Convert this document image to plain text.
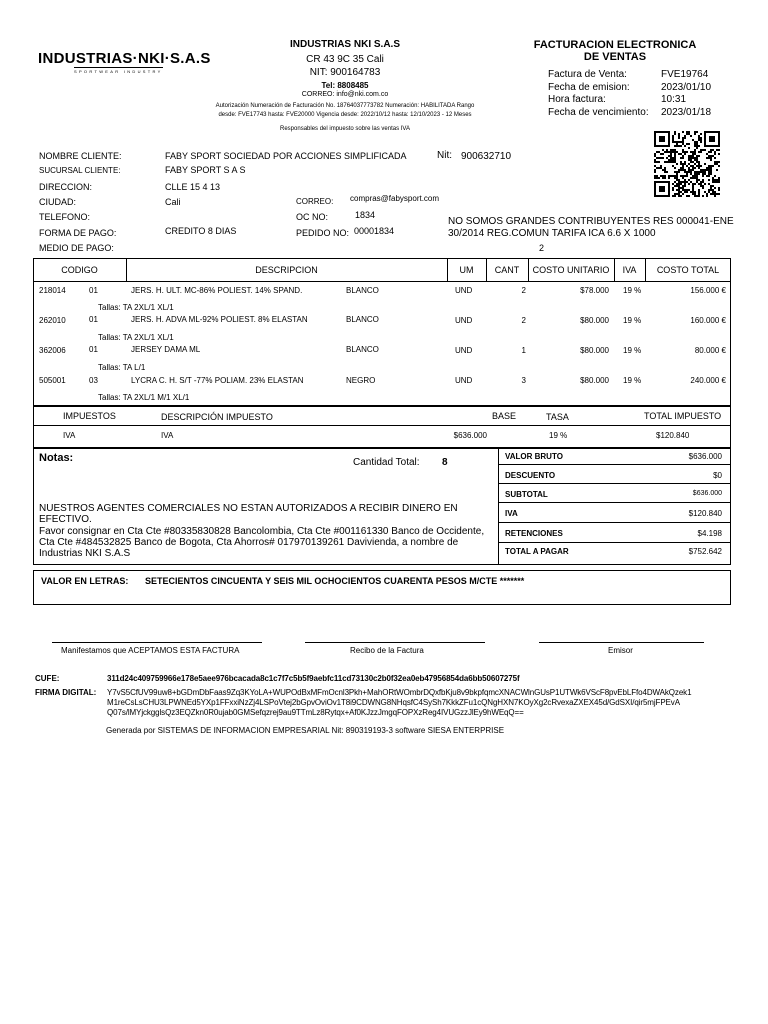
INDUSTRIAS·NKI·S.A.S
SPORTWEAR INDUSTRY
INDUSTRIAS NKI S.A.S
CR 43 9C 35 Cali
NIT: 900164783
Tel: 8808485
CORREO: info@nki.com.co
Autorización Numeración de Facturación No. 18764037773782 Numeración: HABILITADA Rango
desde: FVE17743 hasta: FVE20000 Vigencia desde: 2022/10/12 hasta: 12/10/2023 - 12 Meses
Responsables del impuesto sobre las ventas IVA
FACTURACION ELECTRONICA
DE VENTAS
Factura de Venta:	FVE19764
Fecha de emision:	2023/01/10
Hora factura:	10:31
Fecha de vencimiento: 2023/01/18
NOMBRE CLIENTE:	FABY SPORT SOCIEDAD POR ACCIONES SIMPLIFICADA	Nit: 900632710
SUCURSAL CLIENTE:	FABY SPORT S A S
DIRECCION:	CLLE 15 4 13
CIUDAD:	Cali	CORREO: compras@fabysport.com
TELEFONO:	OC NO:	1834
FORMA DE PAGO:	CREDITO 8 DIAS	PEDIDO NO: 00001834
NO SOMOS GRANDES CONTRIBUYENTES RES 000041-ENE
30/2014 REG.COMUN TARIFA ICA 6.6 X 1000
MEDIO DE PAGO:	2
CODIGO	DESCRIPCION	UM	CANT	COSTO UNITARIO	IVA	COSTO TOTAL
218014	01	JERS. H. ULT. MC-86% POLIEST. 14% SPAND.	BLANCO	UND	2	$78.000 19 %	156.000 €
Tallas: TA 2XL/1 XL/1
262010	01	JERS. H. ADVA ML-92% POLIEST. 8% ELASTAN	BLANCO	UND	2	$80.000 19 %	160.000 €
Tallas: TA 2XL/1 XL/1
362006	01	JERSEY DAMA ML	BLANCO	UND	1	$80.000 19 %	80.000 €
Tallas: TA L/1
505001	03	LYCRA C. H. S/T -77% POLIAM. 23% ELASTAN	NEGRO	UND	3	$80.000 19 %	240.000 €
Tallas: TA 2XL/1 M/1 XL/1
IMPUESTOS	DESCRIPCIÓN IMPUESTO	BASE	TASA	TOTAL IMPUESTO
IVA	IVA	$636.000	19 %	$120.840
Notas:	Cantidad Total: 8
NUESTROS AGENTES COMERCIALES NO ESTAN AUTORIZADOS A RECIBIR DINERO EN
EFECTIVO.
Favor consignar en Cta Cte #80335830828 Bancolombia, Cta Cte #001161330 Banco de Occidente,
Cta Cte #484532825 Banco de Bogota, Cta Ahorros# 017970139261 Davivienda, a nombre de
Industrias NKI S.A.S
VALOR BRUTO	$636.000
DESCUENTO	$0
SUBTOTAL	$636.000
IVA	$120.840
RETENCIONES	$4.198
TOTAL A PAGAR	$752.642
VALOR EN LETRAS: SETECIENTOS CINCUENTA Y SEIS MIL OCHOCIENTOS CUARENTA PESOS M/CTE *******
Manifestamos que ACEPTAMOS ESTA FACTURA	Recibo de la Factura	Emisor
CUFE:	311d24c409759966e178e5aee976bcacada8c1c7f7c5b5f9aebfc11cd73130c2b0f32ea0eb47956854da6bb50607275f
FIRMA DIGITAL: Y7vS5CfUV99uw8+bGDmDbFaas9Zq3KYoLA+WUPOdBxMFmOcnl3Pkh+MahORtWOmbrDQxfbKju8v9bkpfqmcXNACWlnGUsP1UTWk6VScF8pvEbLFfo4DWAkQzek1
M1reCsLsCHU3LPWNEd5YXp1FFxxiNzZj4LSPoVtej2bGpvOviOv1T8i9CDWNG8NHqsfC4SySh7KkkZFu1cQNgHXN7KOyXg2cRvexaZXEX45d/GdSXI/qir5mjFPEvA
Q07s/lMYjckgglsQz3EQZkn0R0ujab0GMSefqzrej9au9TTmLz8Rytqx+Af0KJzzJmgqFOPXzReg4IVUGzzJlEy9hWEqQ==
Generada por SISTEMAS DE INFORMACION EMPRESARIAL Nit: 890319193-3 software SIESA ENTERPRISE
